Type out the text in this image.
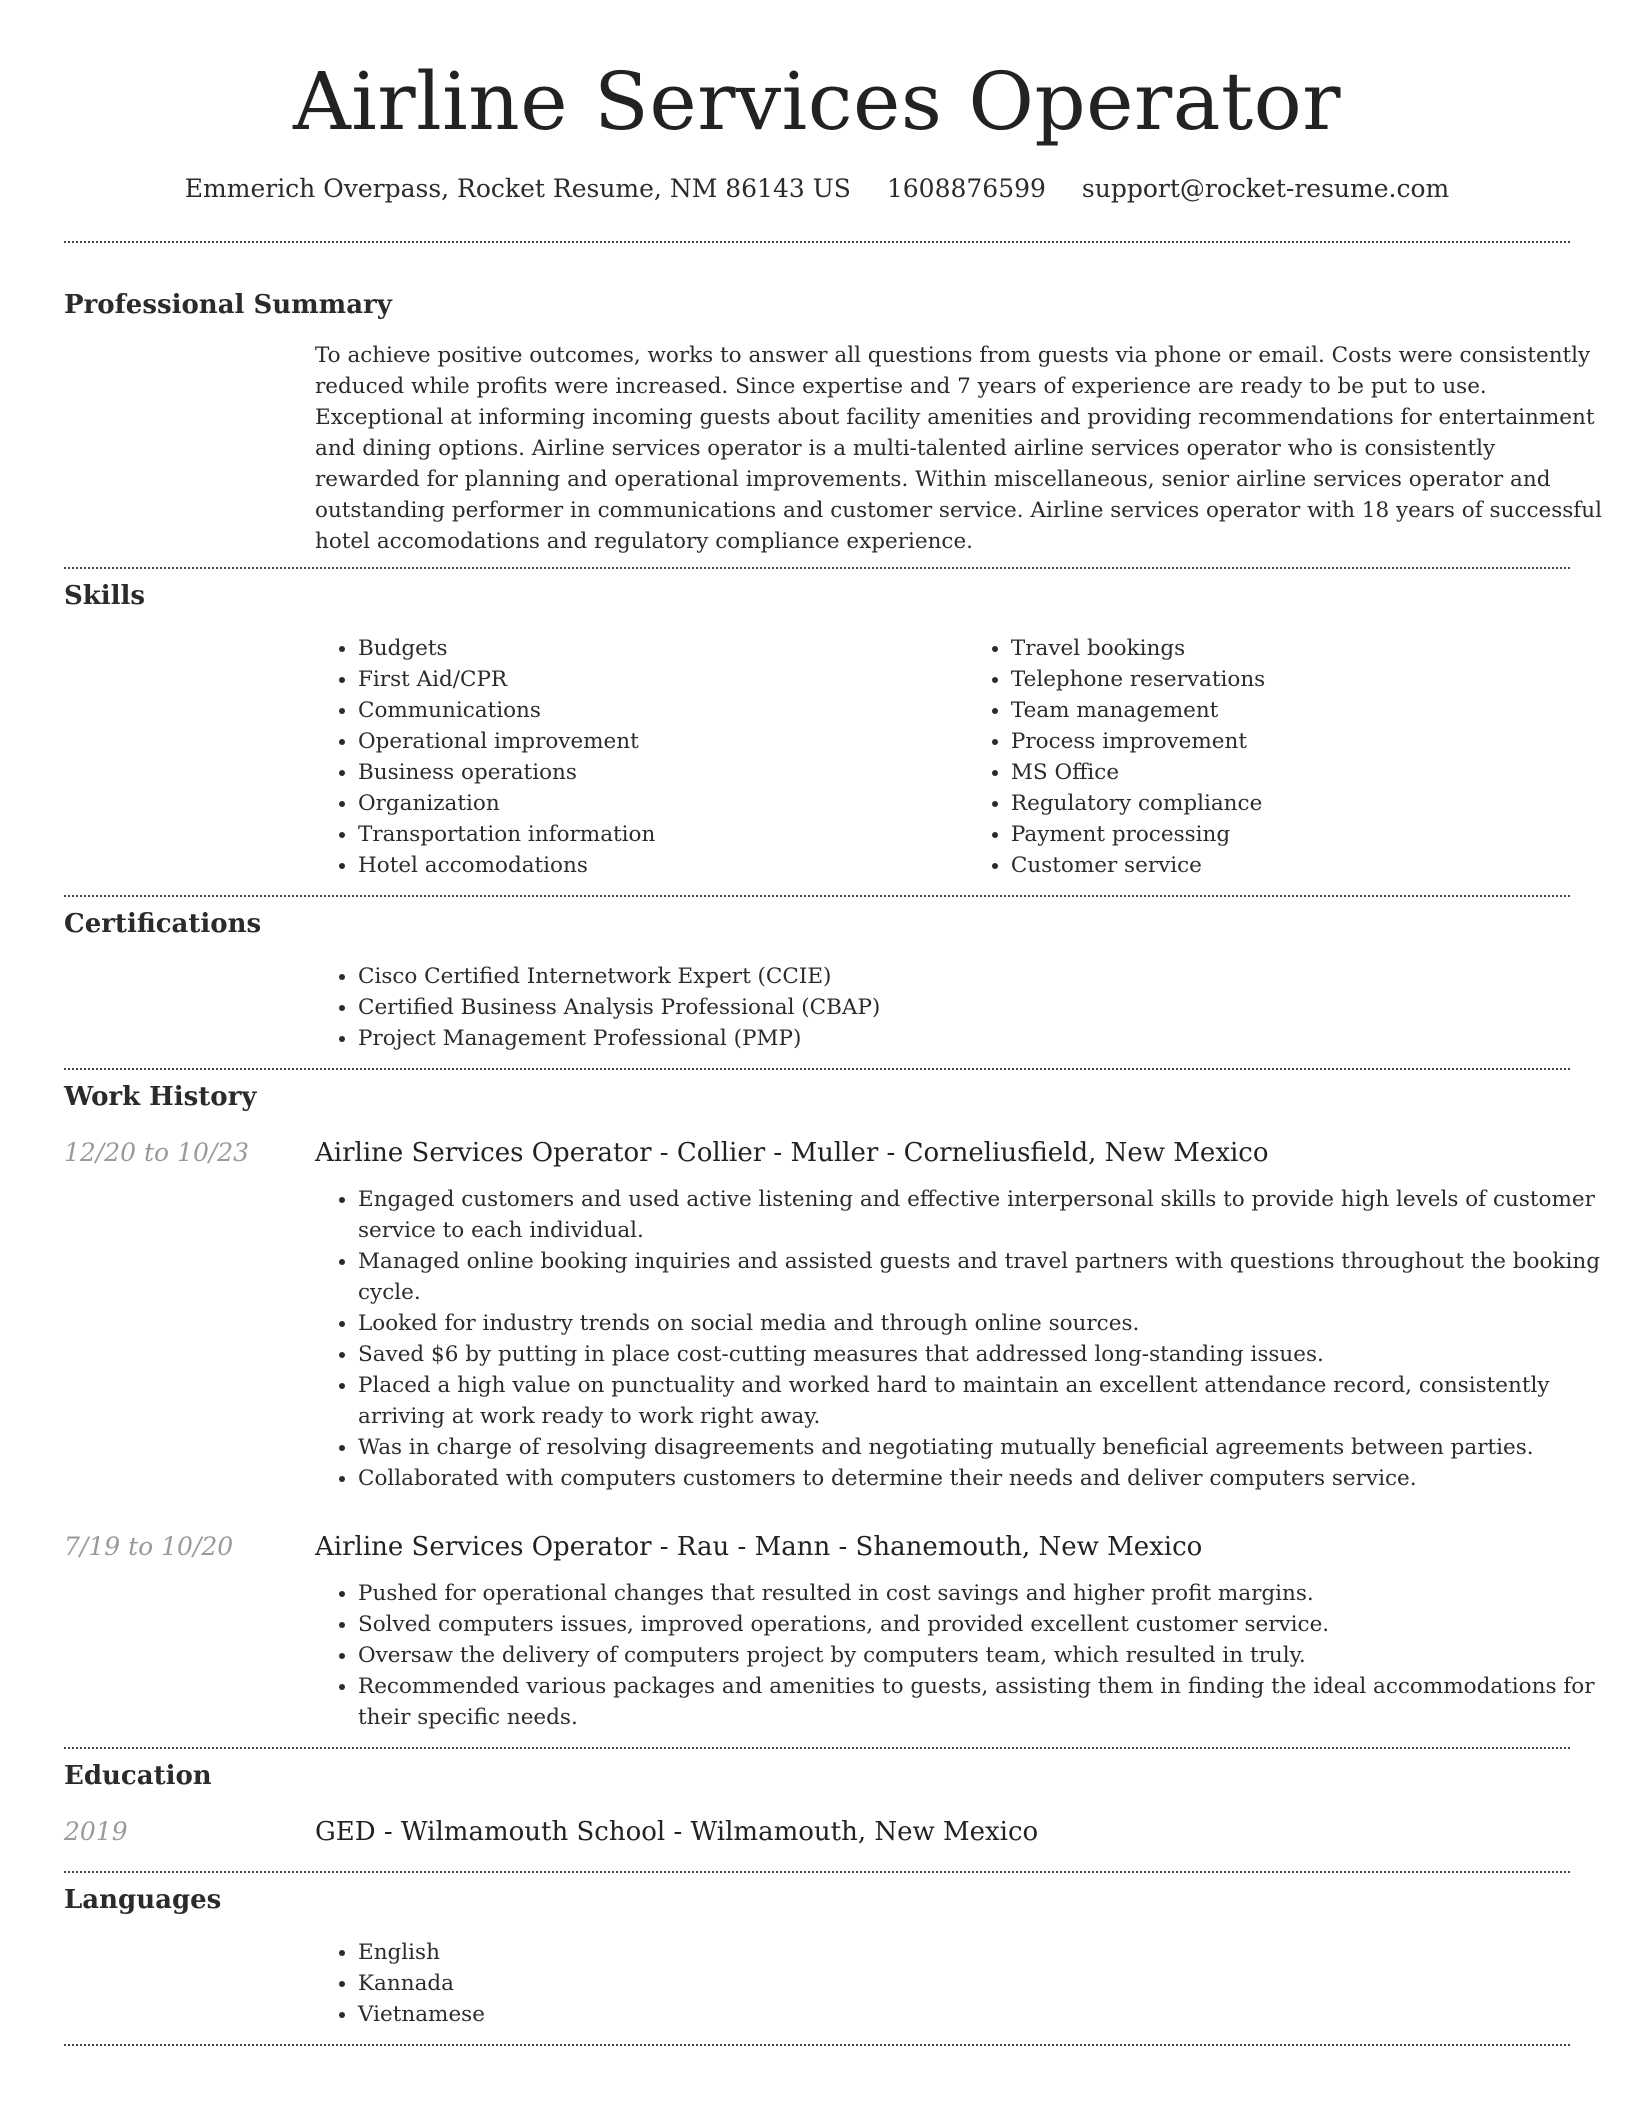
Airline Services Operator
Emmerich Overpass, Rocket Resume, NM 86143 US 1608876599 support@rocket-resume.com
Professional Summary

To achieve positive outcomes, works to answer all questions from guests via phone or email. Costs were consistently reduced while profits were increased. Since expertise and 7 years of experience are ready to be put to use. Exceptional at informing incoming guests about facility amenities and providing recommendations for entertainment and dining options. Airline services operator is a multi-talented airline services operator who is consistently rewarded for planning and operational improvements. Within miscellaneous, senior airline services operator and outstanding performer in communications and customer service. Airline services operator with 18 years of successful hotel accomodations and regulatory compliance experience.

Skills
• Budgets
• First Aid/CPR
• Communications
• Operational improvement
• Business operations
• Organization
• Transportation information
• Hotel accomodations
• Travel bookings
• Telephone reservations
• Team management
• Process improvement
• MS Office
• Regulatory compliance
• Payment processing
• Customer service
Certifications
• Cisco Certified Internetwork Expert (CCIE)
• Certified Business Analysis Professional (CBAP)
• Project Management Professional (PMP)
Work History
12/20 to 10/23	Airline Services Operator - Collier - Muller - Corneliusfield, New Mexico
• Engaged customers and used active listening and effective interpersonal skills to provide high levels of customer service to each individual.
• Managed online booking inquiries and assisted guests and travel partners with questions throughout the booking cycle.
• Looked for industry trends on social media and through online sources.
• Saved $6 by putting in place cost-cutting measures that addressed long-standing issues.
• Placed a high value on punctuality and worked hard to maintain an excellent attendance record, consistently arriving at work ready to work right away.
• Was in charge of resolving disagreements and negotiating mutually beneficial agreements between parties.
• Collaborated with computers customers to determine their needs and deliver computers service.
7/19 to 10/20	Airline Services Operator - Rau - Mann - Shanemouth, New Mexico
• Pushed for operational changes that resulted in cost savings and higher profit margins.
• Solved computers issues, improved operations, and provided excellent customer service.
• Oversaw the delivery of computers project by computers team, which resulted in truly.
• Recommended various packages and amenities to guests, assisting them in finding the ideal accommodations for their specific needs.
Education
2019	GED - Wilmamouth School - Wilmamouth, New Mexico
Languages
• English
• Kannada
• Vietnamese
